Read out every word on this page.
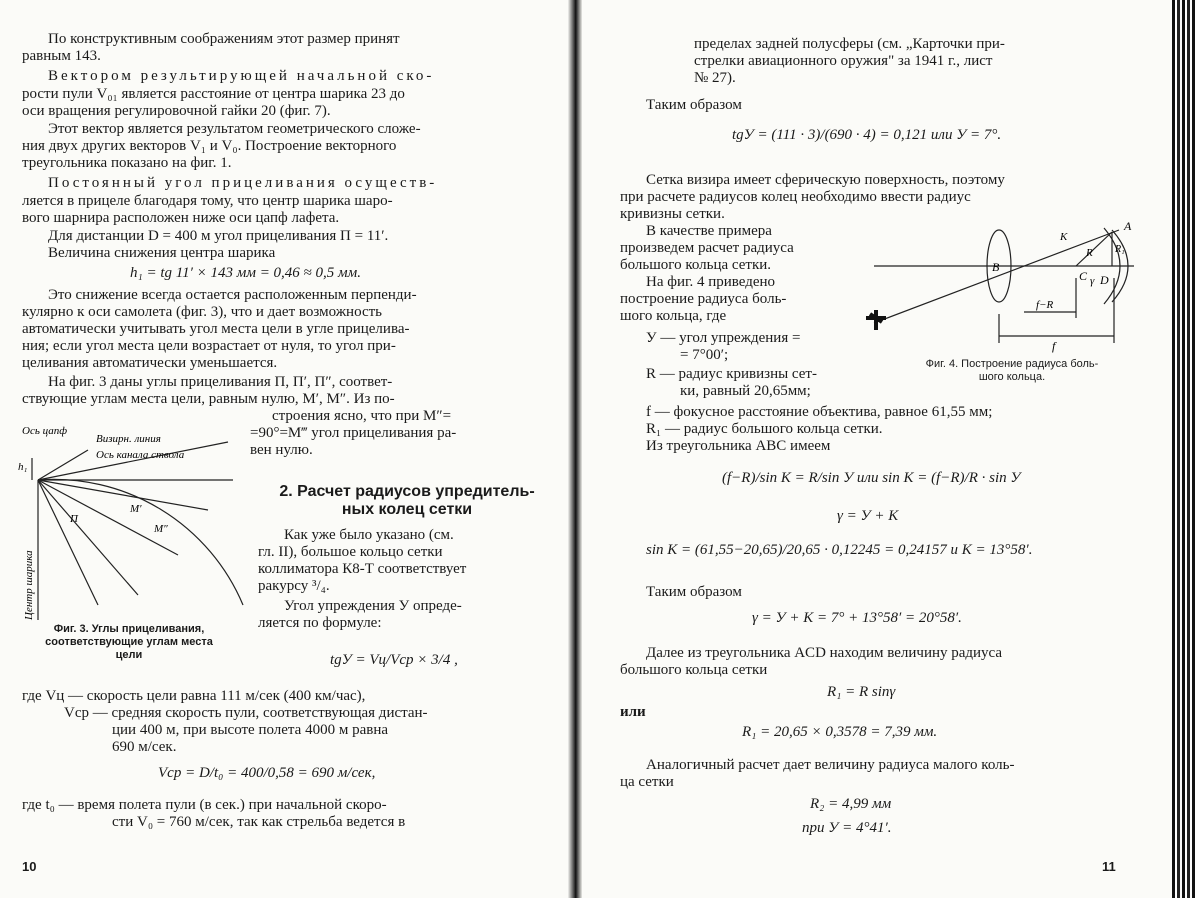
По конструктивным соображениям этот размер принят
равным 143.
Вектором результирующей начальной ско-
рости пули V₀₁ является расстояние от центра шарика 23 до
оси вращения регулировочной гайки 20 (фиг. 7).
Этот вектор является результатом геометрического сложе-
ния двух других векторов V₁ и V₀. Построение векторного
треугольника показано на фиг. 1.
Постоянный угол прицеливания осуществ-
ляется в прицеле благодаря тому, что центр шарика шаро-
вого шарнира расположен ниже оси цапф лафета.
Для дистанции D = 400 м угол прицеливания П = 11′.
Величина снижения центра шарика
h₁ = tg 11′ × 143 мм = 0,46 ≈ 0,5 мм.
Это снижение всегда остается расположенным перпенди-
кулярно к оси самолета (фиг. 3), что и дает возможность
автоматически учитывать угол места цели в угле прицелива-
ния; если угол места цели возрастает от нуля, то угол при-
целивания автоматически уменьшается.
На фиг. 3 даны углы прицеливания П, П′, П″, соответ-
ствующие углам места цели, равным нулю, M′, M″. Из по-
строения ясно, что при M″=
=90°=M‴ угол прицеливания ра-
вен нулю.
Ось цапф
Визирн. линия
Ось канала ствола
h₁
М′
М″
П
Центр шарика
Фиг. 3. Углы прицеливания,
соответствующие углам места
цели
2. Расчет радиусов упредитель-
ных колец сетки
Как уже было указано (см.
гл. II), большое кольцо сетки
коллиматора К8-Т соответствует
ракурсу ³/₄.
Угол упреждения У опреде-
ляется по формуле:
tgУ = Vц/Vср × 3/4 ,
где Vц — скорость цели равна 111 м/сек (400 км/час),
Vср — средняя скорость пули, соответствующая дистан-
ции 400 м, при высоте полета 4000 м равна
690 м/сек.
Vср = D/t₀ = 400/0,58 = 690 м/сек,
где t₀ — время полета пули (в сек.) при начальной скоро-
сти V₀ = 760 м/сек, так как стрельба ведется в
10
пределах задней полусферы (см. „Карточки при-
стрелки авиационного оружия" за 1941 г., лист
№ 27).
Таким образом
tgУ = (111 · 3)/(690 · 4) = 0,121 или У = 7°.
Сетка визира имеет сферическую поверхность, поэтому
при расчете радиусов колец необходимо ввести радиус
кривизны сетки.
В качестве примера
произведем расчет радиуса
большого кольца сетки.
На фиг. 4 приведено
построение радиуса боль-
шого кольца, где
У — угол упреждения =
= 7°00′;
R — радиус кривизны сет-
ки, равный 20,65мм;
A
B
C D
K
R R₁
γ
f−R
f
Фиг. 4. Построение радиуса боль-
шого кольца.
f — фокусное расстояние объектива, равное 61,55 мм;
R₁ — радиус большого кольца сетки.
Из треугольника ABC имеем
(f−R)/sin K = R/sin У или sin K = (f−R)/R · sin У
γ = У + K
sin K = (61,55−20,65)/20,65 · 0,12245 = 0,24157 и K = 13°58′.
Таким образом
γ = У + K = 7° + 13°58′ = 20°58′.
Далее из треугольника ACD находим величину радиуса
большого кольца сетки
R₁ = R sinγ
или
R₁ = 20,65 × 0,3578 = 7,39 мм.
Аналогичный расчет дает величину радиуса малого коль-
ца сетки
R₂ = 4,99 мм
при У = 4°41′.
11
